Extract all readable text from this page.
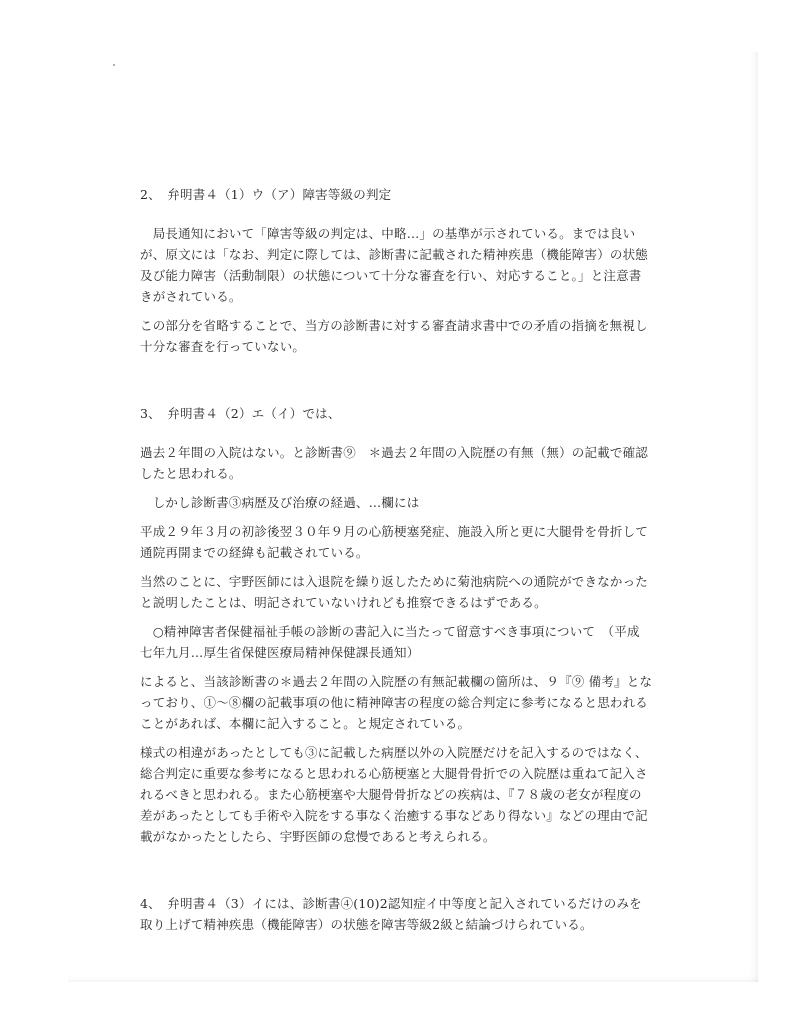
2、　弁明書４（1）ウ（ア）障害等級の判定

　局長通知において「障害等級の判定は、中略…」の基準が示されている。までは良い

が、原文には「なお、判定に際しては、診断書に記載された精神疾患（機能障害）の状態

及び能力障害（活動制限）の状態について十分な審査を行い、対応すること。」と注意書

きがされている。

この部分を省略することで、当方の診断書に対する審査請求書中での矛盾の指摘を無視し

十分な審査を行っていない。

3、　弁明書４（2）エ（イ）では、

過去２年間の入院はない。と診断書⑨　＊過去２年間の入院歴の有無（無）の記載で確認

したと思われる。

　しかし診断書③病歴及び治療の経過、…欄には

平成２９年３月の初診後翌３０年９月の心筋梗塞発症、施設入所と更に大腿骨を骨折して

通院再開までの経緯も記載されている。

当然のことに、宇野医師には入退院を繰り返したために菊池病院への通院ができなかった

と説明したことは、明記されていないけれども推察できるはずである。

　○精神障害者保健福祉手帳の診断の書記入に当たって留意すべき事項について　（平成

七年九月…厚生省保健医療局精神保健課長通知）

によると、当該診断書の＊過去２年間の入院歴の有無記載欄の箇所は、９『⑨ 備考』とな

っており、①～⑧欄の記載事項の他に精神障害の程度の総合判定に参考になると思われる

ことがあれば、本欄に記入すること。と規定されている。

様式の相違があったとしても③に記載した病歴以外の入院歴だけを記入するのではなく、

総合判定に重要な参考になると思われる心筋梗塞と大腿骨骨折での入院歴は重ねて記入さ

れるべきと思われる。また心筋梗塞や大腿骨骨折などの疾病は、『７８歳の老女が程度の

差があったとしても手術や入院をする事なく治癒する事などあり得ない』などの理由で記

載がなかったとしたら、宇野医師の怠慢であると考えられる。

4、　弁明書４（3）イには、診断書④(10)2認知症イ中等度と記入されているだけのみを

取り上げて精神疾患（機能障害）の状態を障害等級2級と結論づけられている。
